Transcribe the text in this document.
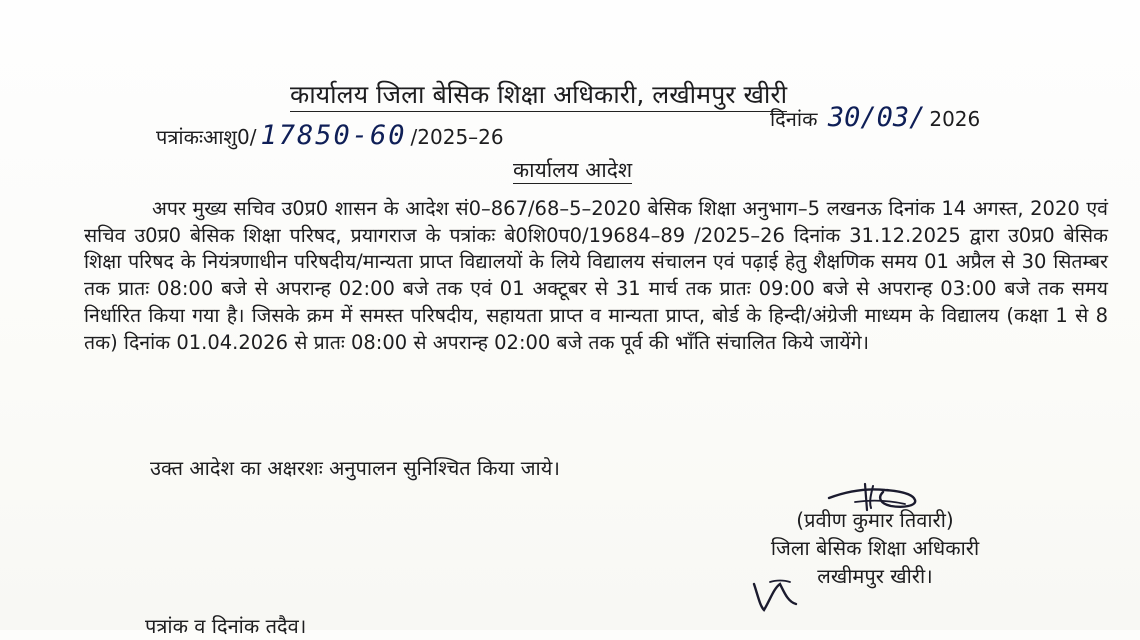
कार्यालय जिला बेसिक शिक्षा अधिकारी, लखीमपुर खीरी
पत्रांकःआशु0/ 17850-60 /2025–26
दिनांक 30/03/ 2026
कार्यालय आदेश

अपर मुख्य सचिव उ0प्र0 शासन के आदेश सं0–867/68–5–2020 बेसिक शिक्षा अनुभाग–5 लखनऊ दिनांक 14 अगस्त, 2020 एवं सचिव उ0प्र0 बेसिक शिक्षा परिषद, प्रयागराज के पत्रांकः बे0शि0प0/19684–89 /2025–26 दिनांक 31.12.2025 द्वारा उ0प्र0 बेसिक शिक्षा परिषद के नियंत्रणाधीन परिषदीय/मान्यता प्राप्त विद्यालयों के लिये विद्यालय संचालन एवं पढ़ाई हेतु शैक्षणिक समय 01 अप्रैल से 30 सितम्बर तक प्रातः 08:00 बजे से अपरान्ह 02:00 बजे तक एवं 01 अक्टूबर से 31 मार्च तक प्रातः 09:00 बजे से अपरान्ह 03:00 बजे तक समय निर्धारित किया गया है। जिसके क्रम में समस्त परिषदीय, सहायता प्राप्त व मान्यता प्राप्त, बोर्ड के हिन्दी/अंग्रेजी माध्यम के विद्यालय (कक्षा 1 से 8 तक) दिनांक 01.04.2026 से प्रातः 08:00 से अपरान्ह 02:00 बजे तक पूर्व की भाँति संचालित किये जायेंगे।

उक्त आदेश का अक्षरशः अनुपालन सुनिश्चित किया जाये।
(प्रवीण कुमार तिवारी)
जिला बेसिक शिक्षा अधिकारी
लखीमपुर खीरी।
पत्रांक व दिनांक तदैव।
